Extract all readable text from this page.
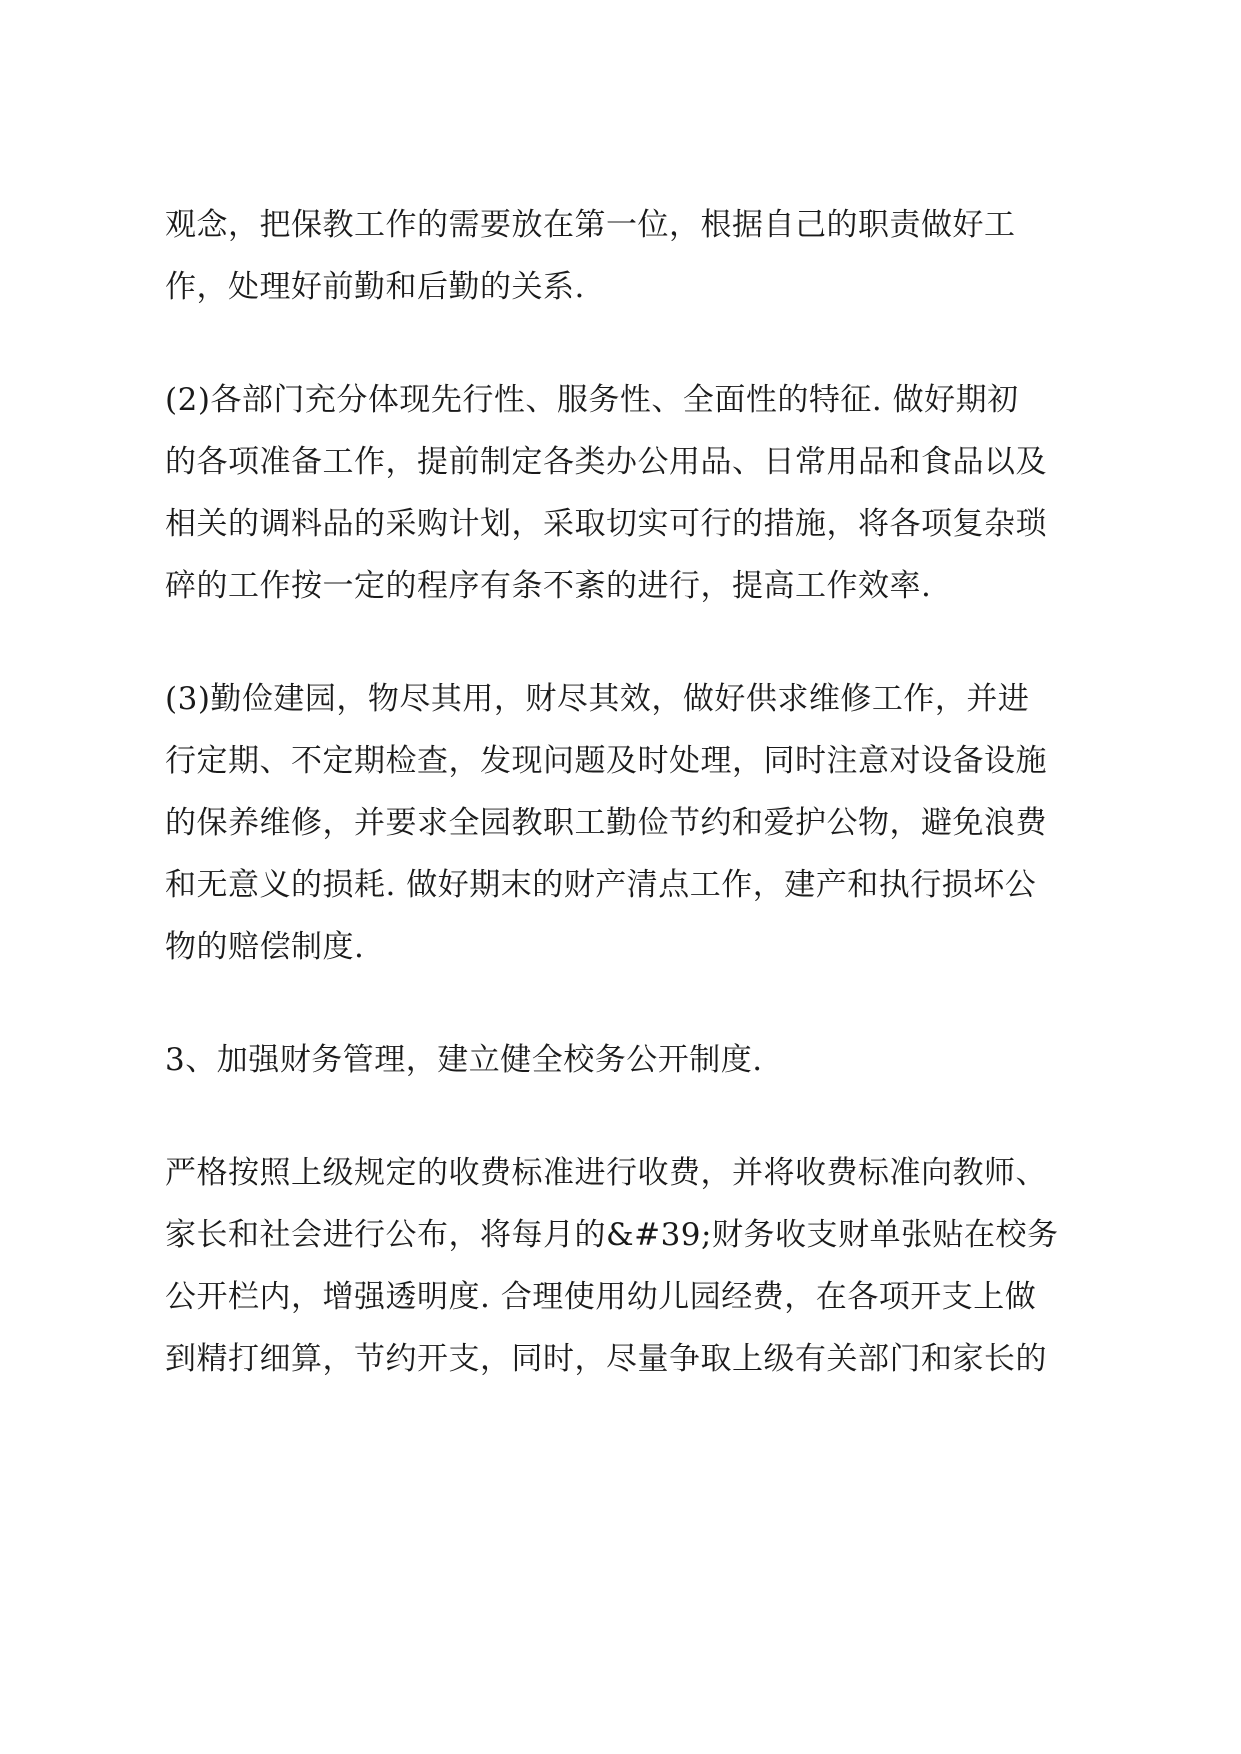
观念，把保教工作的需要放在第一位，根据自己的职责做好工

作，处理好前勤和后勤的关系.

(2)各部门充分体现先行性、服务性、全面性的特征. 做好期初

的各项准备工作，提前制定各类办公用品、日常用品和食品以及

相关的调料品的采购计划，采取切实可行的措施，将各项复杂琐

碎的工作按一定的程序有条不紊的进行，提高工作效率.

(3)勤俭建园，物尽其用，财尽其效，做好供求维修工作，并进

行定期、不定期检查，发现问题及时处理，同时注意对设备设施

的保养维修，并要求全园教职工勤俭节约和爱护公物，避免浪费

和无意义的损耗. 做好期末的财产清点工作，建产和执行损坏公

物的赔偿制度.

3、加强财务管理，建立健全校务公开制度.

严格按照上级规定的收费标准进行收费，并将收费标准向教师、

家长和社会进行公布，将每月的&#39;财务收支财单张贴在校务

公开栏内，增强透明度. 合理使用幼儿园经费，在各项开支上做

到精打细算，节约开支，同时，尽量争取上级有关部门和家长的
